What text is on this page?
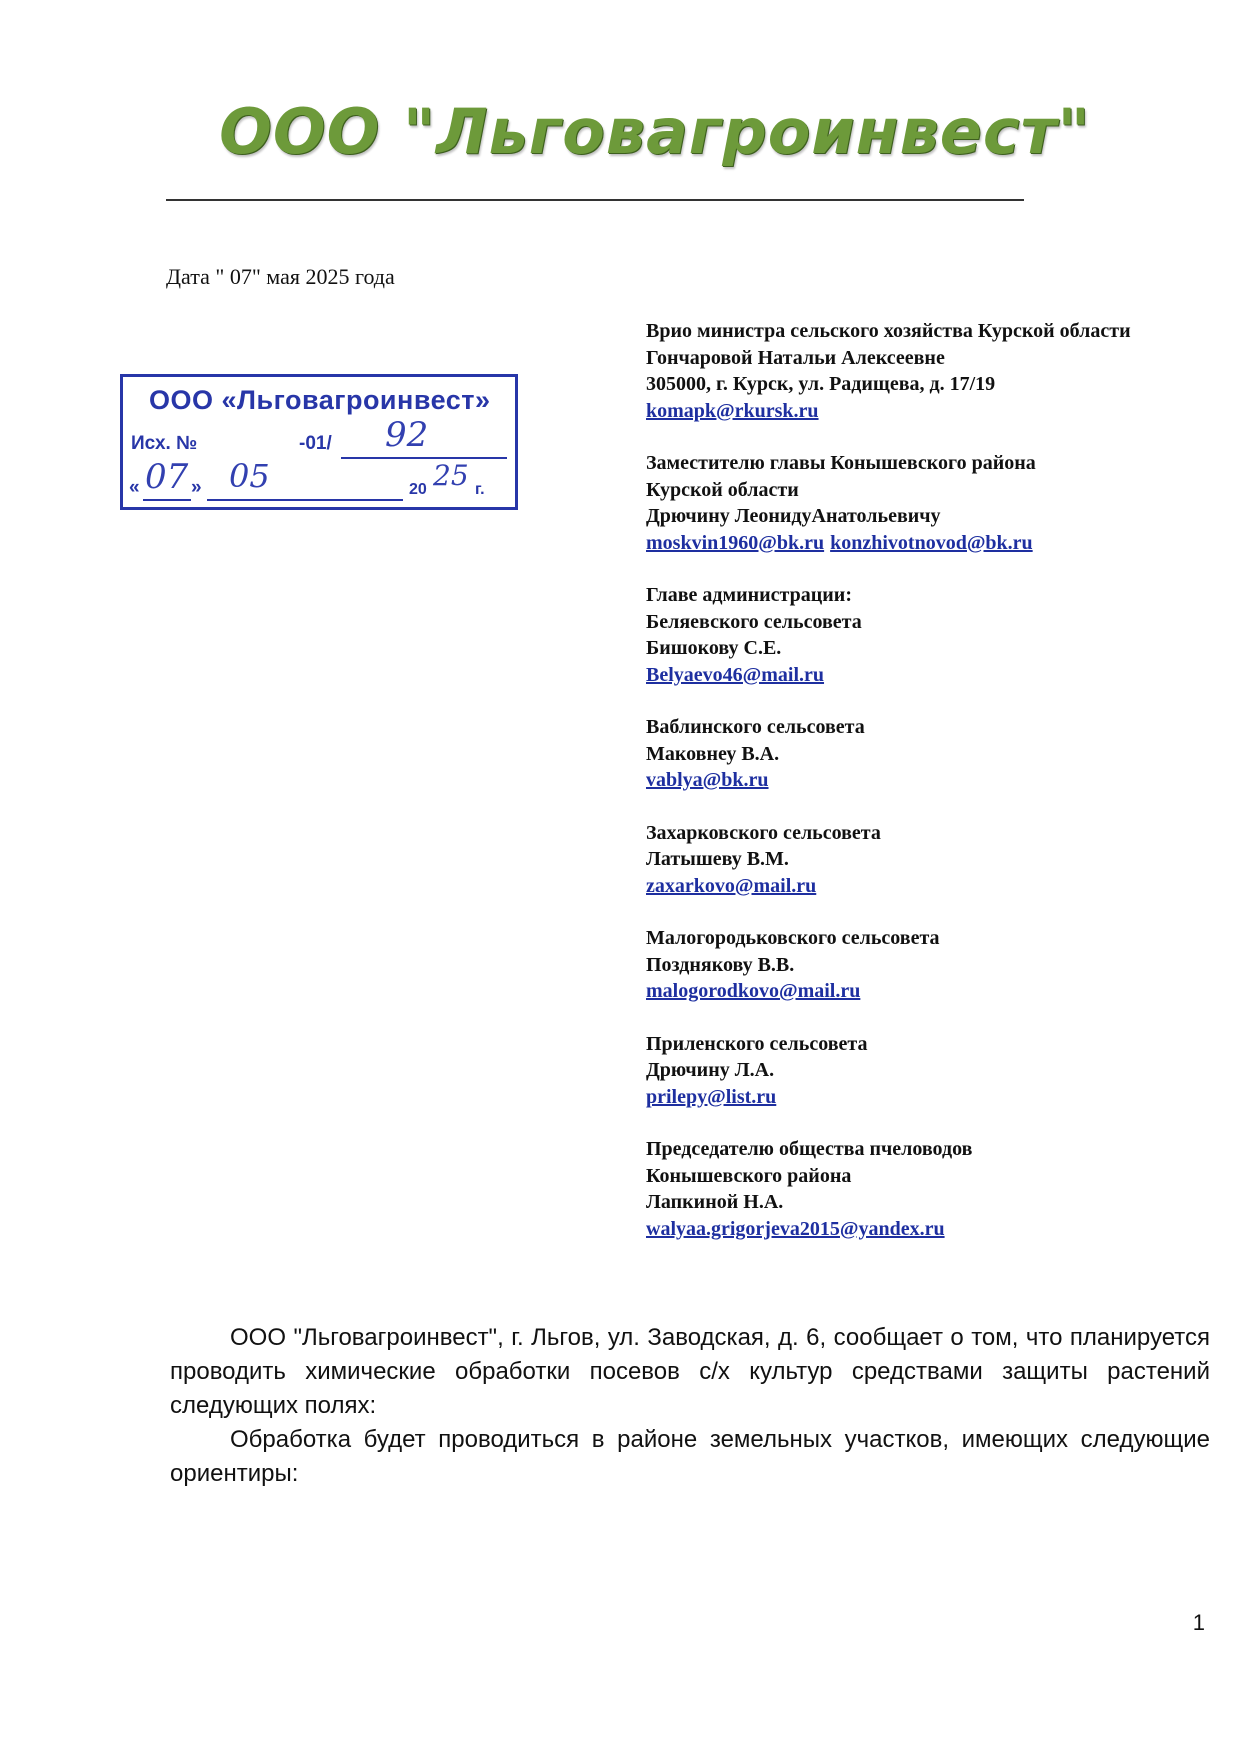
ООО "Льговагроинвест"
Дата " 07" мая 2025 года
ООО «Льговагроинвест»
Исх. №	-01/ 92
« 07 » 05	20 25 г.
Врио министра сельского хозяйства Курской области
Гончаровой Натальи Алексеевне
305000, г. Курск, ул. Радищева, д. 17/19
komapk@rkursk.ru
Заместителю главы Конышевского района
Курской области
Дрючину ЛеонидуАнатольевичу
moskvin1960@bk.ru konzhivotnovod@bk.ru
Главе администрации:
Беляевского сельсовета
Бишокову С.Е.
Belyaevo46@mail.ru
Ваблинского сельсовета
Маковнеу В.А.
vablya@bk.ru
Захарковского сельсовета
Латышеву В.М.
zaxarkovo@mail.ru
Малогородьковского сельсовета
Позднякову В.В.
malogorodkovo@mail.ru
Приленского сельсовета
Дрючину Л.А.
prilepy@list.ru
Председателю общества пчеловодов
Конышевского района
Лапкиной Н.А.
walyaa.grigorjeva2015@yandex.ru

ООО "Льговагроинвест", г. Льгов, ул. Заводская, д. 6, сообщает о том, что планируется проводить химические обработки посевов с/х культур средствами защиты растений следующих полях:

Обработка будет проводиться в районе земельных участков, имеющих следующие ориентиры:

1
